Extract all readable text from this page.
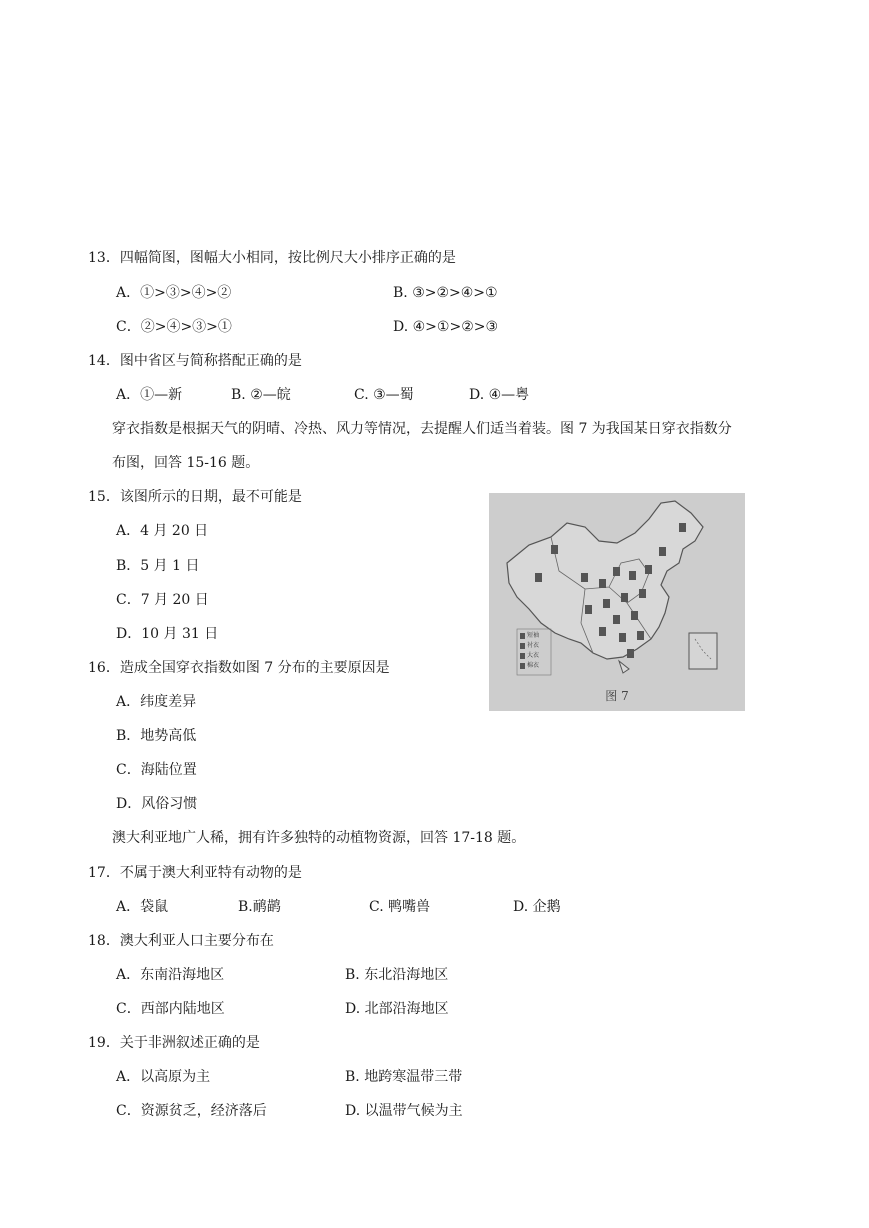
13．四幅简图，图幅大小相同，按比例尺大小排序正确的是
A．①>③>④>②	B. ③>②>④>①
C．②>④>③>①	D. ④>①>②>③
14．图中省区与简称搭配正确的是
A．①—新	B. ②—皖	C. ③—蜀	D. ④—粤
穿衣指数是根据天气的阴晴、冷热、风力等情况，去提醒人们适当着装。图 7 为我国某日穿衣指数分
布图，回答 15-16 题。
15．该图所示的日期，最不可能是
A．4 月 20 日
B．5 月 1 日
C．7 月 20 日
D．10 月 31 日	短袖
衬衣
大衣
棉衣
图 7
16．造成全国穿衣指数如图 7 分布的主要原因是
A．纬度差异
B．地势高低
C．海陆位置
D．风俗习惯
澳大利亚地广人稀，拥有许多独特的动植物资源，回答 17-18 题。
17．不属于澳大利亚特有动物的是
A．袋鼠	B.鸸鹋	C. 鸭嘴兽	D. 企鹅
18．澳大利亚人口主要分布在
A．东南沿海地区	B. 东北沿海地区
C．西部内陆地区	D. 北部沿海地区
19．关于非洲叙述正确的是
A．以高原为主	B. 地跨寒温带三带
C．资源贫乏，经济落后	D. 以温带气候为主
